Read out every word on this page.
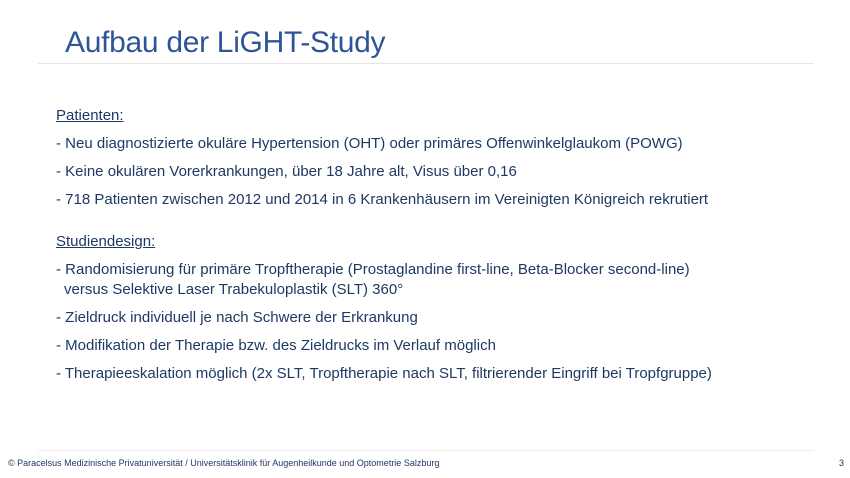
Aufbau der LiGHT-Study
Patienten:
- Neu diagnostizierte okuläre Hypertension (OHT) oder primäres Offenwinkelglaukom (POWG)
- Keine okulären Vorerkrankungen, über 18 Jahre alt, Visus über 0,16
- 718 Patienten zwischen 2012 und 2014 in 6 Krankenhäusern im Vereinigten Königreich rekrutiert
Studiendesign:
- Randomisierung für primäre Tropftherapie (Prostaglandine first-line, Beta-Blocker second-line)
versus Selektive Laser Trabekuloplastik (SLT) 360°
- Zieldruck individuell je nach Schwere der Erkrankung
- Modifikation der Therapie bzw. des Zieldrucks im Verlauf möglich
- Therapieeskalation möglich (2x SLT, Tropftherapie nach SLT, filtrierender Eingriff bei Tropfgruppe)
© Paracelsus Medizinische Privatuniversität / Universitätsklinik für Augenheilkunde und Optometrie Salzburg	3
